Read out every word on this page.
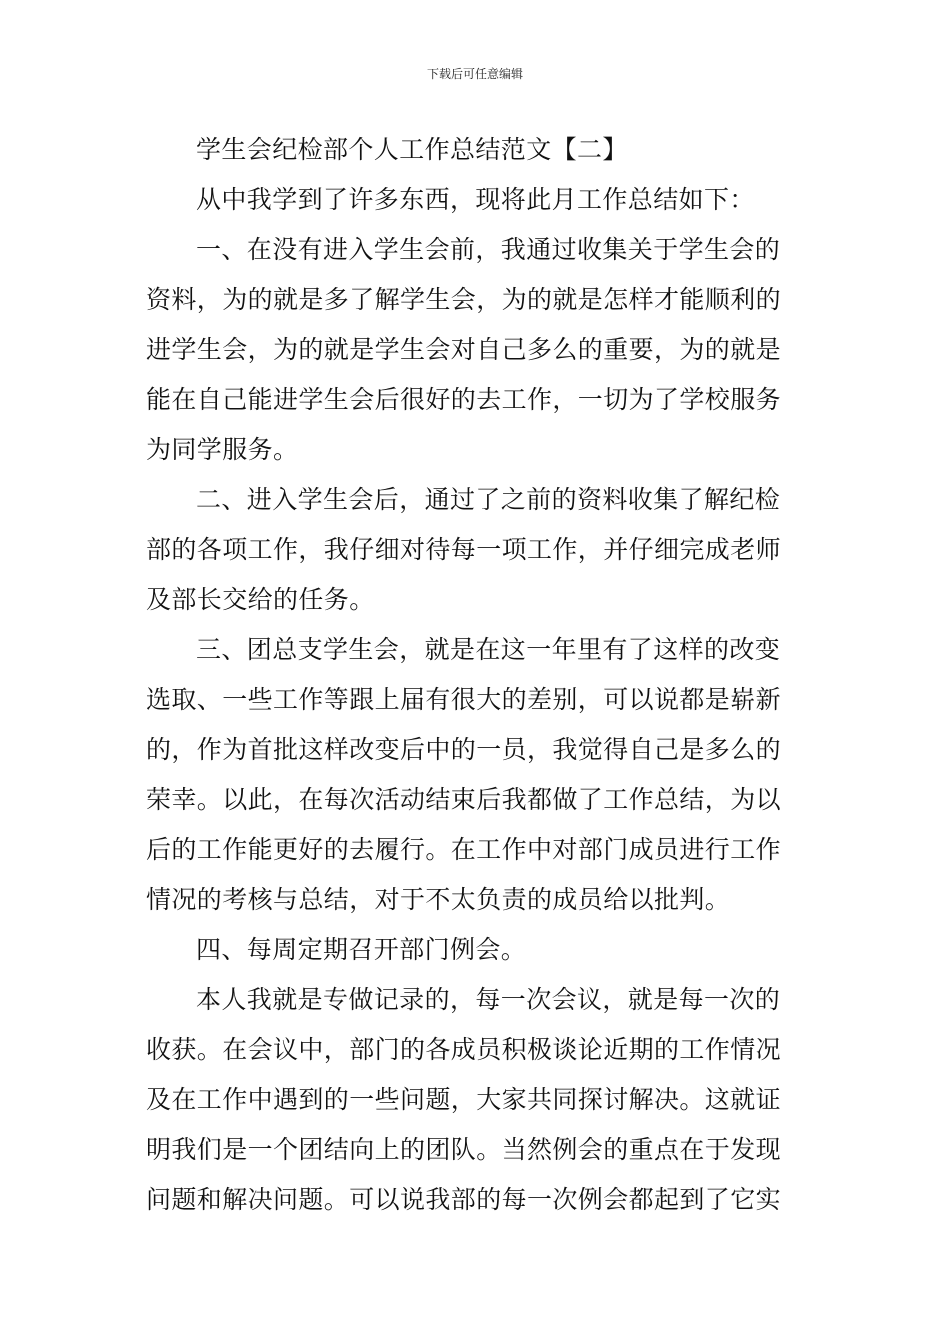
下载后可任意编辑
学生会纪检部个人工作总结范文【二】
从中我学到了许多东西，现将此月工作总结如下：
一、在没有进入学生会前，我通过收集关于学生会的
资料，为的就是多了解学生会，为的就是怎样才能顺利的
进学生会，为的就是学生会对自己多么的重要，为的就是
能在自己能进学生会后很好的去工作，一切为了学校服务
为同学服务。
二、进入学生会后，通过了之前的资料收集了解纪检
部的各项工作，我仔细对待每一项工作，并仔细完成老师
及部长交给的任务。
三、团总支学生会，就是在这一年里有了这样的改变
选取、一些工作等跟上届有很大的差别，可以说都是崭新
的，作为首批这样改变后中的一员，我觉得自己是多么的
荣幸。以此，在每次活动结束后我都做了工作总结，为以
后的工作能更好的去履行。在工作中对部门成员进行工作
情况的考核与总结，对于不太负责的成员给以批判。
四、每周定期召开部门例会。
本人我就是专做记录的，每一次会议，就是每一次的
收获。在会议中，部门的各成员积极谈论近期的工作情况
及在工作中遇到的一些问题，大家共同探讨解决。这就证
明我们是一个团结向上的团队。当然例会的重点在于发现
问题和解决问题。可以说我部的每一次例会都起到了它实
